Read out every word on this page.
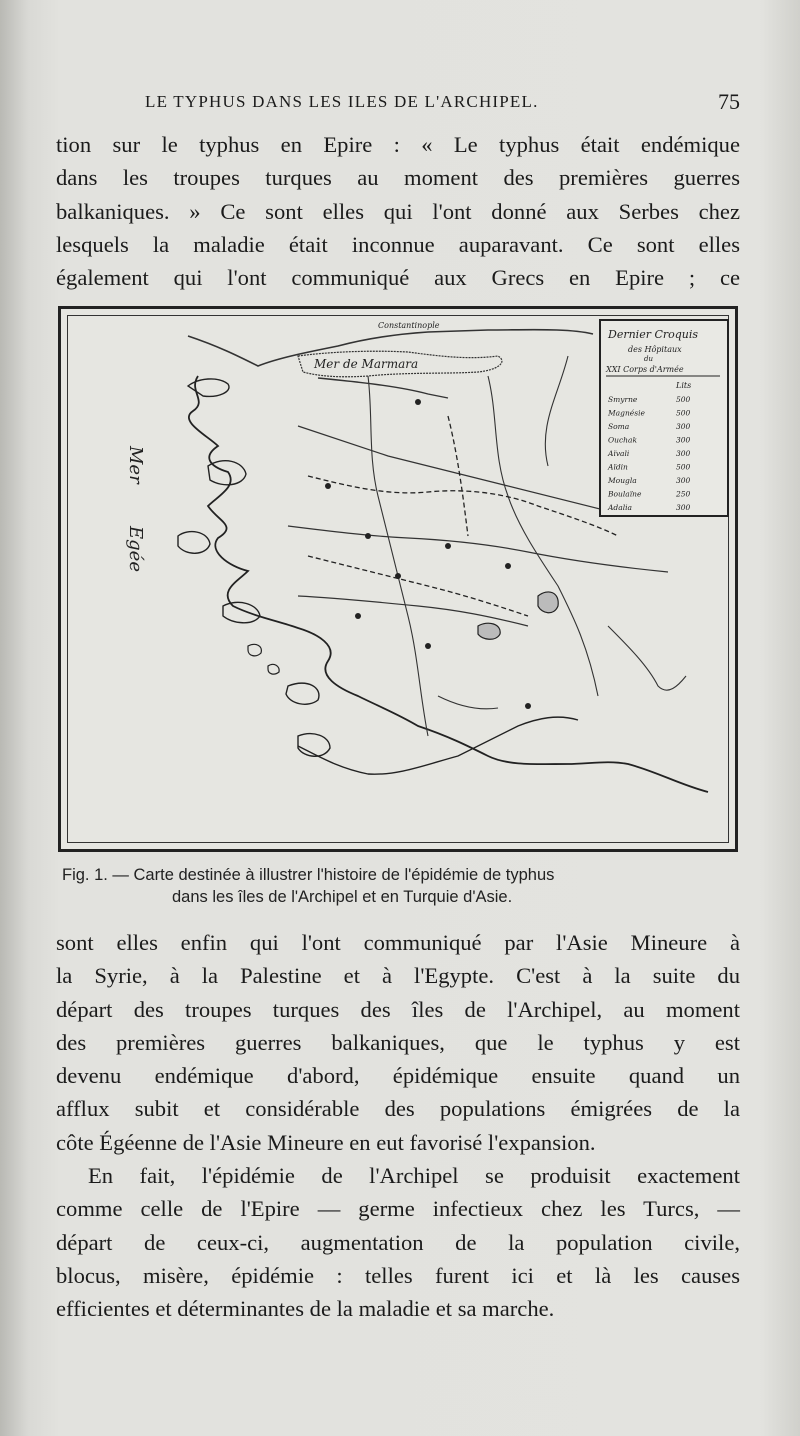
LE TYPHUS DANS LES ILES DE L'ARCHIPEL.	75
tion sur le typhus en Epire : « Le typhus était endémique
dans les troupes turques au moment des premières guerres
balkaniques. » Ce sont elles qui l'ont donné aux Serbes chez
lesquels la maladie était inconnue auparavant. Ce sont elles
également qui l'ont communiqué aux Grecs en Epire ; ce
Mer de Marmara
Constantinople
Mer
Egée
Dernier Croquis
des Hôpitaux
du
XXI Corps d'Armée
Lits
Smyrne	500
Magnésie	500
Soma	300
Ouchak	300
Aïvali	300
Aïdin	500
Mougla	300
Boulaïne	250
Adalia	300
Fig. 1. — Carte destinée à illustrer l'histoire de l'épidémie de typhus
dans les îles de l'Archipel et en Turquie d'Asie.
sont elles enfin qui l'ont communiqué par l'Asie Mineure à
la Syrie, à la Palestine et à l'Egypte. C'est à la suite du
départ des troupes turques des îles de l'Archipel, au moment
des premières guerres balkaniques, que le typhus y est
devenu endémique d'abord, épidémique ensuite quand un
afflux subit et considérable des populations émigrées de la
côte Égéenne de l'Asie Mineure en eut favorisé l'expansion.
En fait, l'épidémie de l'Archipel se produisit exactement
comme celle de l'Epire — germe infectieux chez les Turcs, —
départ de ceux-ci, augmentation de la population civile,
blocus, misère, épidémie : telles furent ici et là les causes
efficientes et déterminantes de la maladie et sa marche.
